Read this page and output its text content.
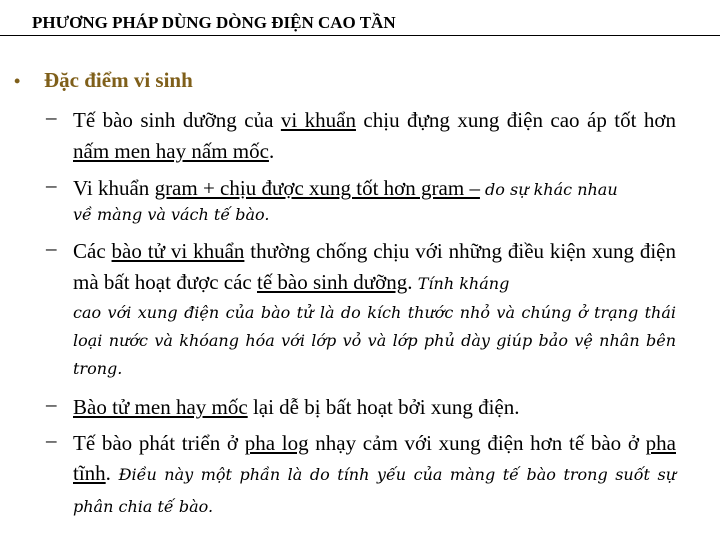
PHƯƠNG PHÁP DÙNG DÒNG ĐIỆN CAO TẦN
• Đặc điểm vi sinh
– Tế bào sinh dưỡng của vi khuẩn chịu đựng xung điện cao áp tốt hơn nấm men hay nấm mốc.
– Vi khuẩn gram + chịu được xung tốt hơn gram – do sự khác nhau
về màng và vách tế bào.
– Các bào tử vi khuẩn thường chống chịu với những điều kiện xung điện mà bất hoạt được các tế bào sinh dưỡng. Tính kháng
cao với xung điện của bào tử là do kích thước nhỏ và chúng ở trạng thái loại nước và khóang hóa với lớp vỏ và lớp phủ dày giúp bảo vệ nhân bên trong.
– Bào tử men hay mốc lại dễ bị bất hoạt bởi xung điện.
– Tế bào phát triển ở pha log nhạy cảm với xung điện hơn tế bào ở pha tĩnh. Điều này một phần là do tính yếu của màng tế bào trong suốt sự phân chia tế bào.
